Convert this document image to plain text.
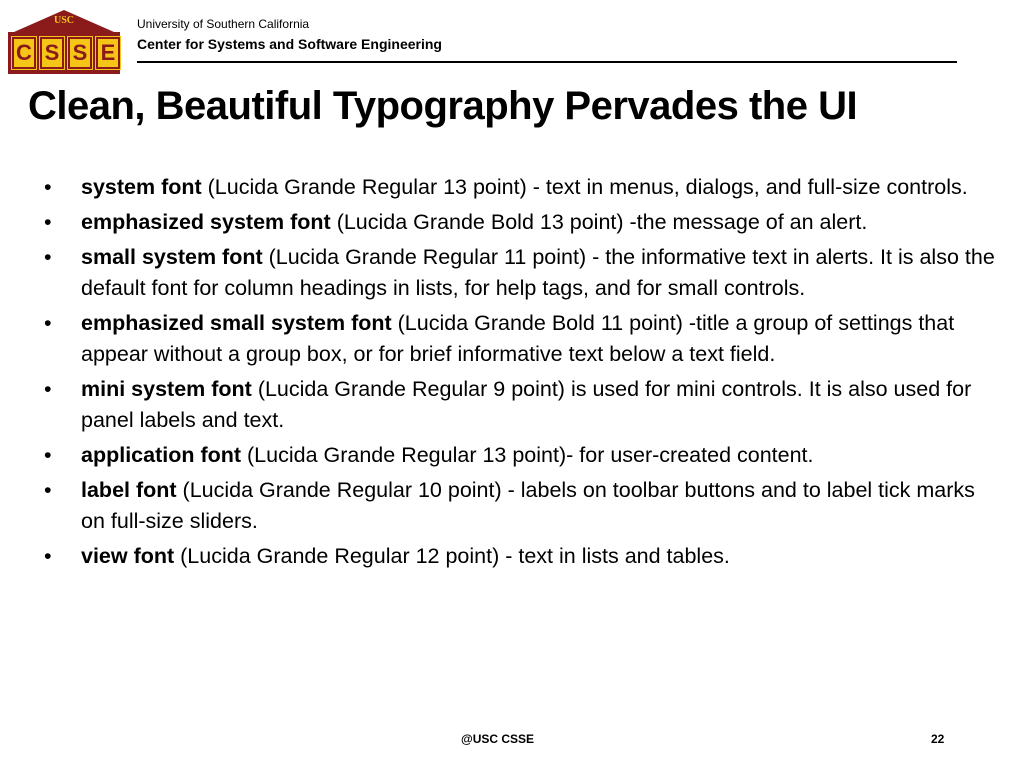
USC
C S S E
University of Southern California
Center for Systems and Software Engineering
Clean, Beautiful Typography Pervades the UI
• system font (Lucida Grande Regular 13 point) - text in menus, dialogs, and full-size controls.
• emphasized system font (Lucida Grande Bold 13 point) -the message of an alert.
• small system font (Lucida Grande Regular 11 point) - the informative text in alerts. It is also the default font for column headings in lists, for help tags, and for small controls.
• emphasized small system font (Lucida Grande Bold 11 point) -title a group of settings that appear without a group box, or for brief informative text below a text field.
• mini system font (Lucida Grande Regular 9 point) is used for mini controls. It is also used for panel labels and text.
• application font (Lucida Grande Regular 13 point)- for user-created content.
• label font (Lucida Grande Regular 10 point) - labels on toolbar buttons and to label tick marks on full-size sliders.
• view font (Lucida Grande Regular 12 point) - text in lists and tables.
@USC CSSE	22
